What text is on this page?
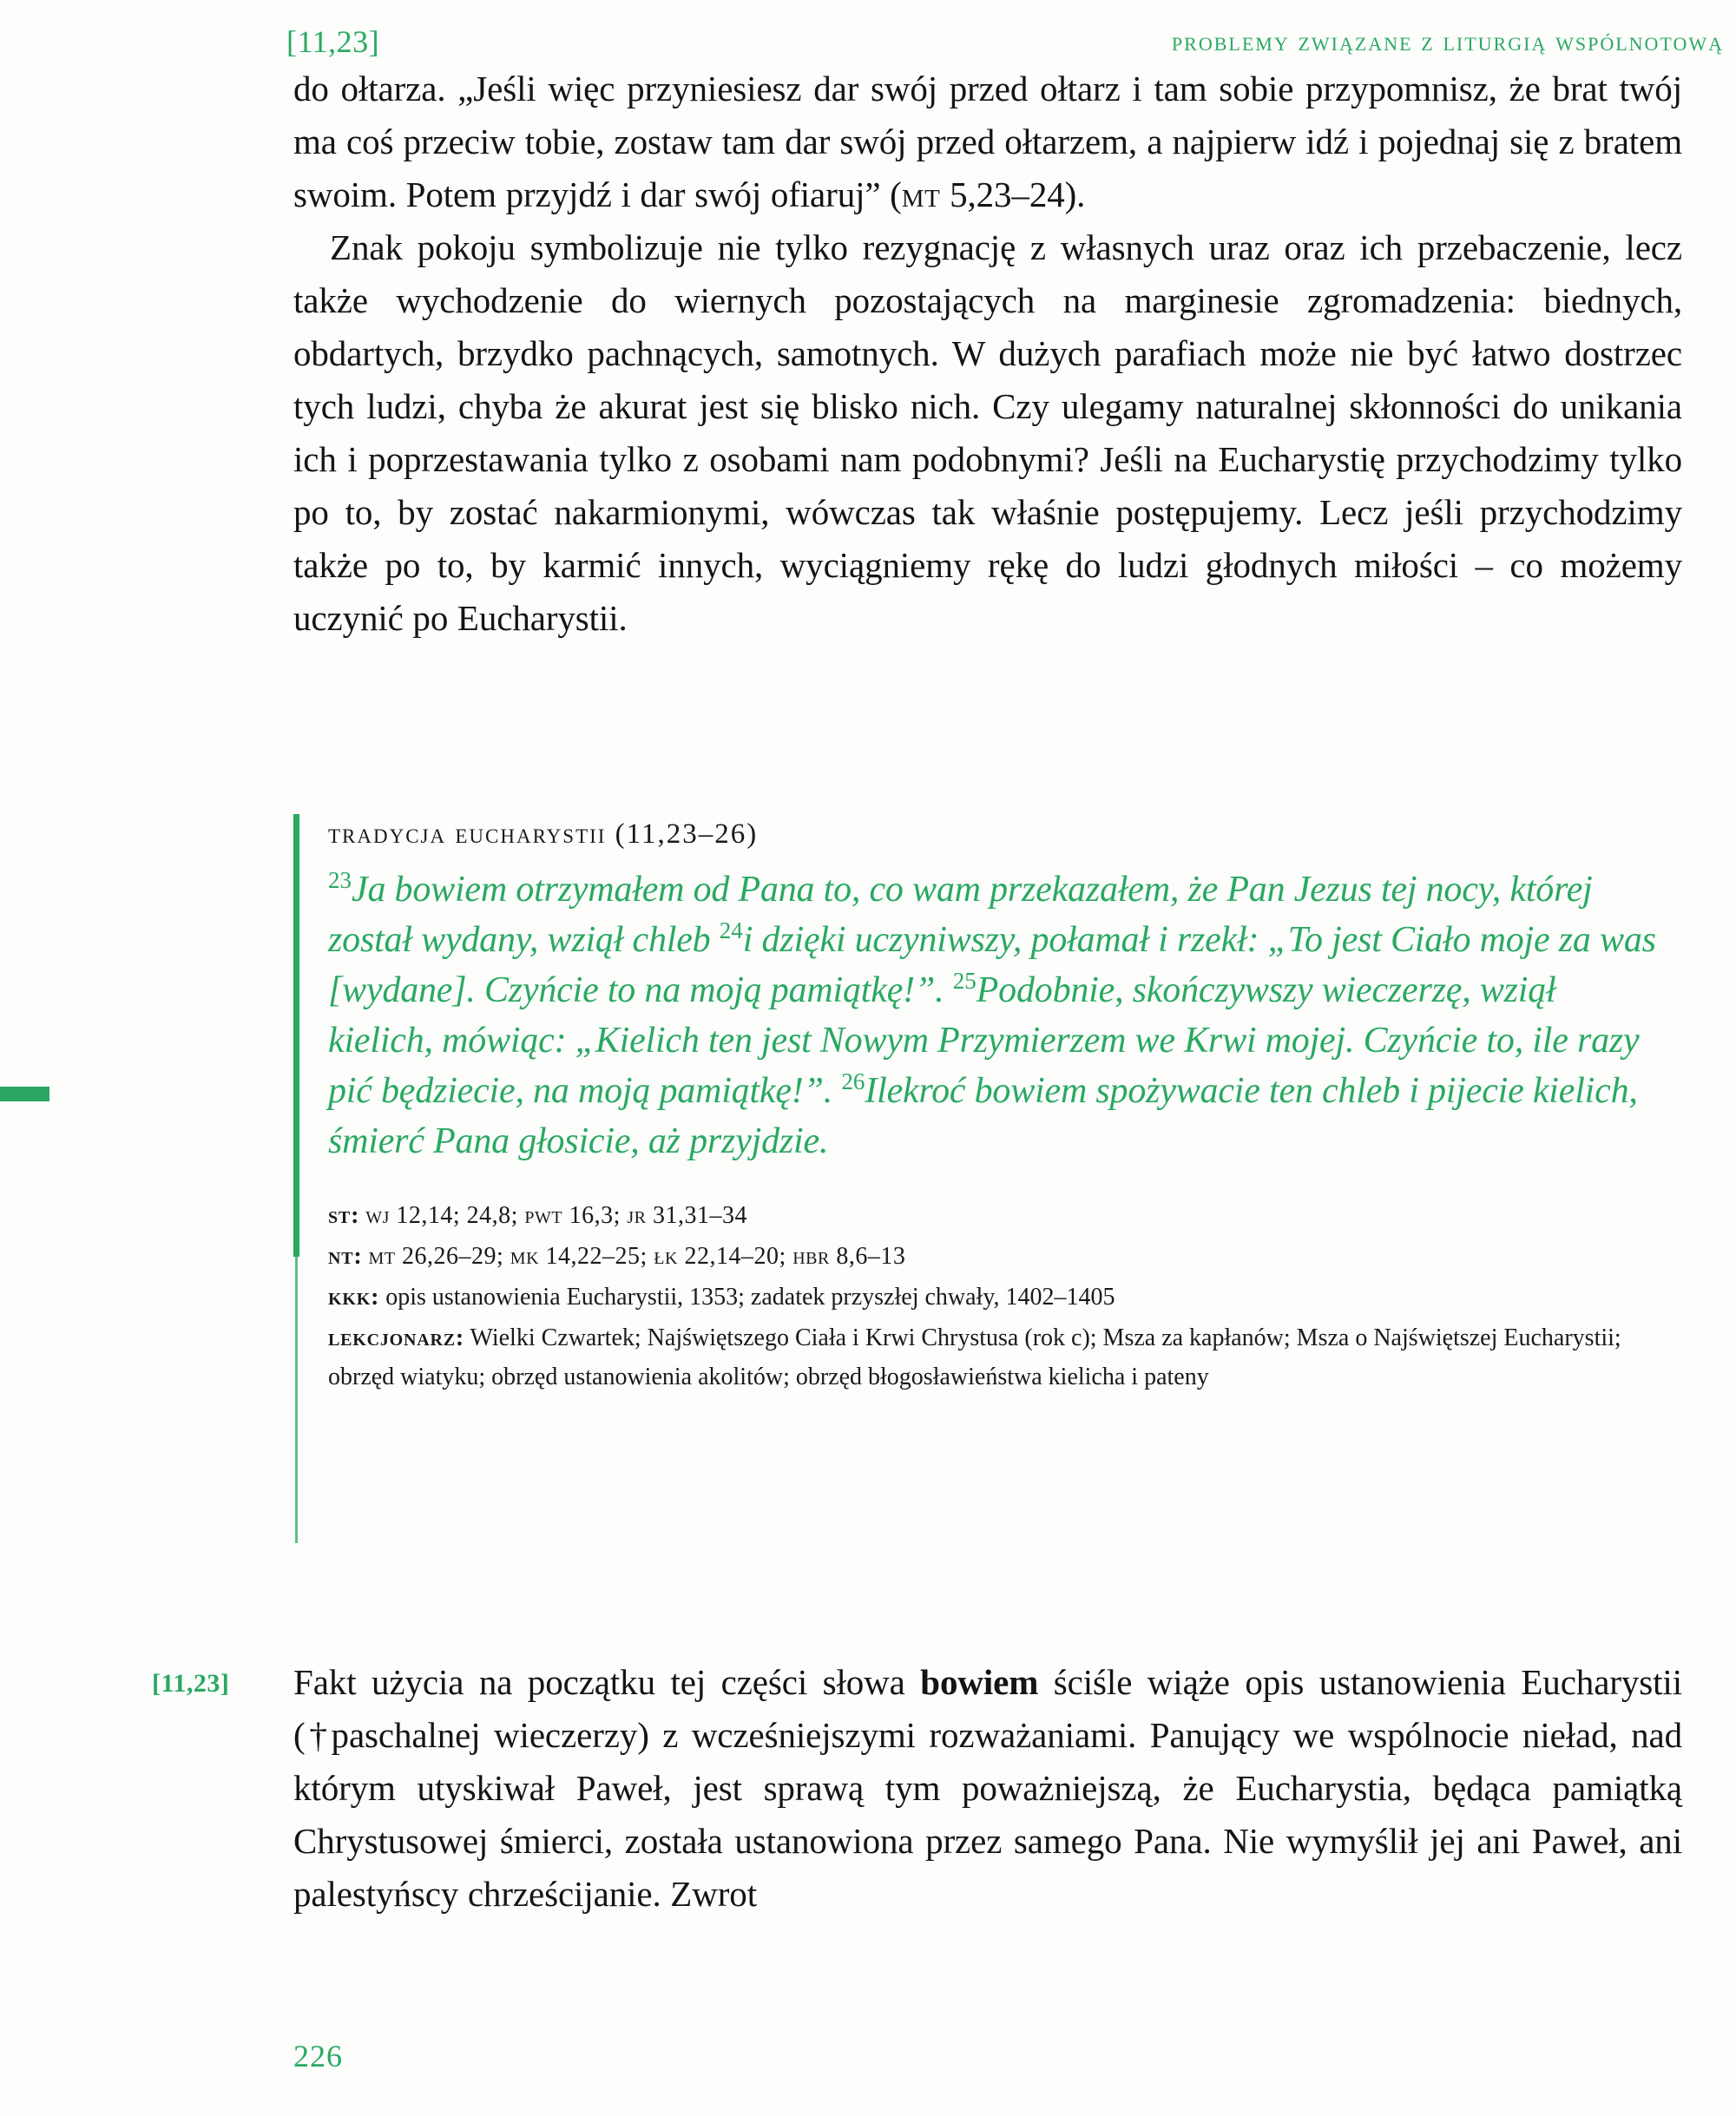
[11,23]	problemy związane z liturgią wspólnotową

do ołtarza. „Jeśli więc przyniesiesz dar swój przed ołtarz i tam sobie przypomnisz, że brat twój ma coś przeciw tobie, zostaw tam dar swój przed ołtarzem, a najpierw idź i pojednaj się z bratem swoim. Potem przyjdź i dar swój ofiaruj” (mt 5,23–24).

Znak pokoju symbolizuje nie tylko rezygnację z własnych uraz oraz ich przebaczenie, lecz także wychodzenie do wiernych pozostających na marginesie zgromadzenia: biednych, obdartych, brzydko pachnących, samotnych. W dużych parafiach może nie być łatwo dostrzec tych ludzi, chyba że akurat jest się blisko nich. Czy ulegamy naturalnej skłonności do unikania ich i poprzestawania tylko z osobami nam podobnymi? Jeśli na Eucharystię przychodzimy tylko po to, by zostać nakarmionymi, wówczas tak właśnie postępujemy. Lecz jeśli przychodzimy także po to, by karmić innych, wyciągniemy rękę do ludzi głodnych miłości – co możemy uczynić po Eucharystii.

tradycja eucharystii (11,23–26)

$^{23}$Ja bowiem otrzymałem od Pana to, co wam przekazałem, że Pan Jezus tej nocy, której został wydany, wziął chleb $^{24}$i dzięki uczyniwszy, połamał i rzekł: „To jest Ciało moje za was [wydane]. Czyńcie to na moją pamiątkę!”. $^{25}$Podobnie, skończywszy wieczerzę, wziął kielich, mówiąc: „Kielich ten jest Nowym Przymierzem we Krwi mojej. Czyńcie to, ile razy pić będziecie, na moją pamiątkę!”. $^{26}$Ilekroć bowiem spożywacie ten chleb i pijecie kielich, śmierć Pana głosicie, aż przyjdzie.

st: wj 12,14; 24,8; pwt 16,3; jr 31,31–34
nt: mt 26,26–29; mk 14,22–25; łk 22,14–20; hbr 8,6–13
kkk: opis ustanowienia Eucharystii, 1353; zadatek przyszłej chwały, 1402–1405
lekcjonarz: Wielki Czwartek; Najświętszego Ciała i Krwi Chrystusa (rok c); Msza za kapłanów; Msza o Najświętszej Eucharystii; obrzęd wiatyku; obrzęd ustanowienia akolitów; obrzęd błogosławieństwa kielicha i pateny
[11,23] Fakt użycia na początku tej części słowa bowiem ściśle wiąże opis ustanowienia Eucharystii (†paschalnej wieczerzy) z wcześniejszymi rozważaniami. Panujący we wspólnocie nieład, nad którym utyskiwał Paweł, jest sprawą tym poważniejszą, że Eucharystia, będąca pamiątką Chrystusowej śmierci, została ustanowiona przez samego Pana. Nie wymyślił jej ani Paweł, ani palestyńscy chrześcijanie. Zwrot

226
